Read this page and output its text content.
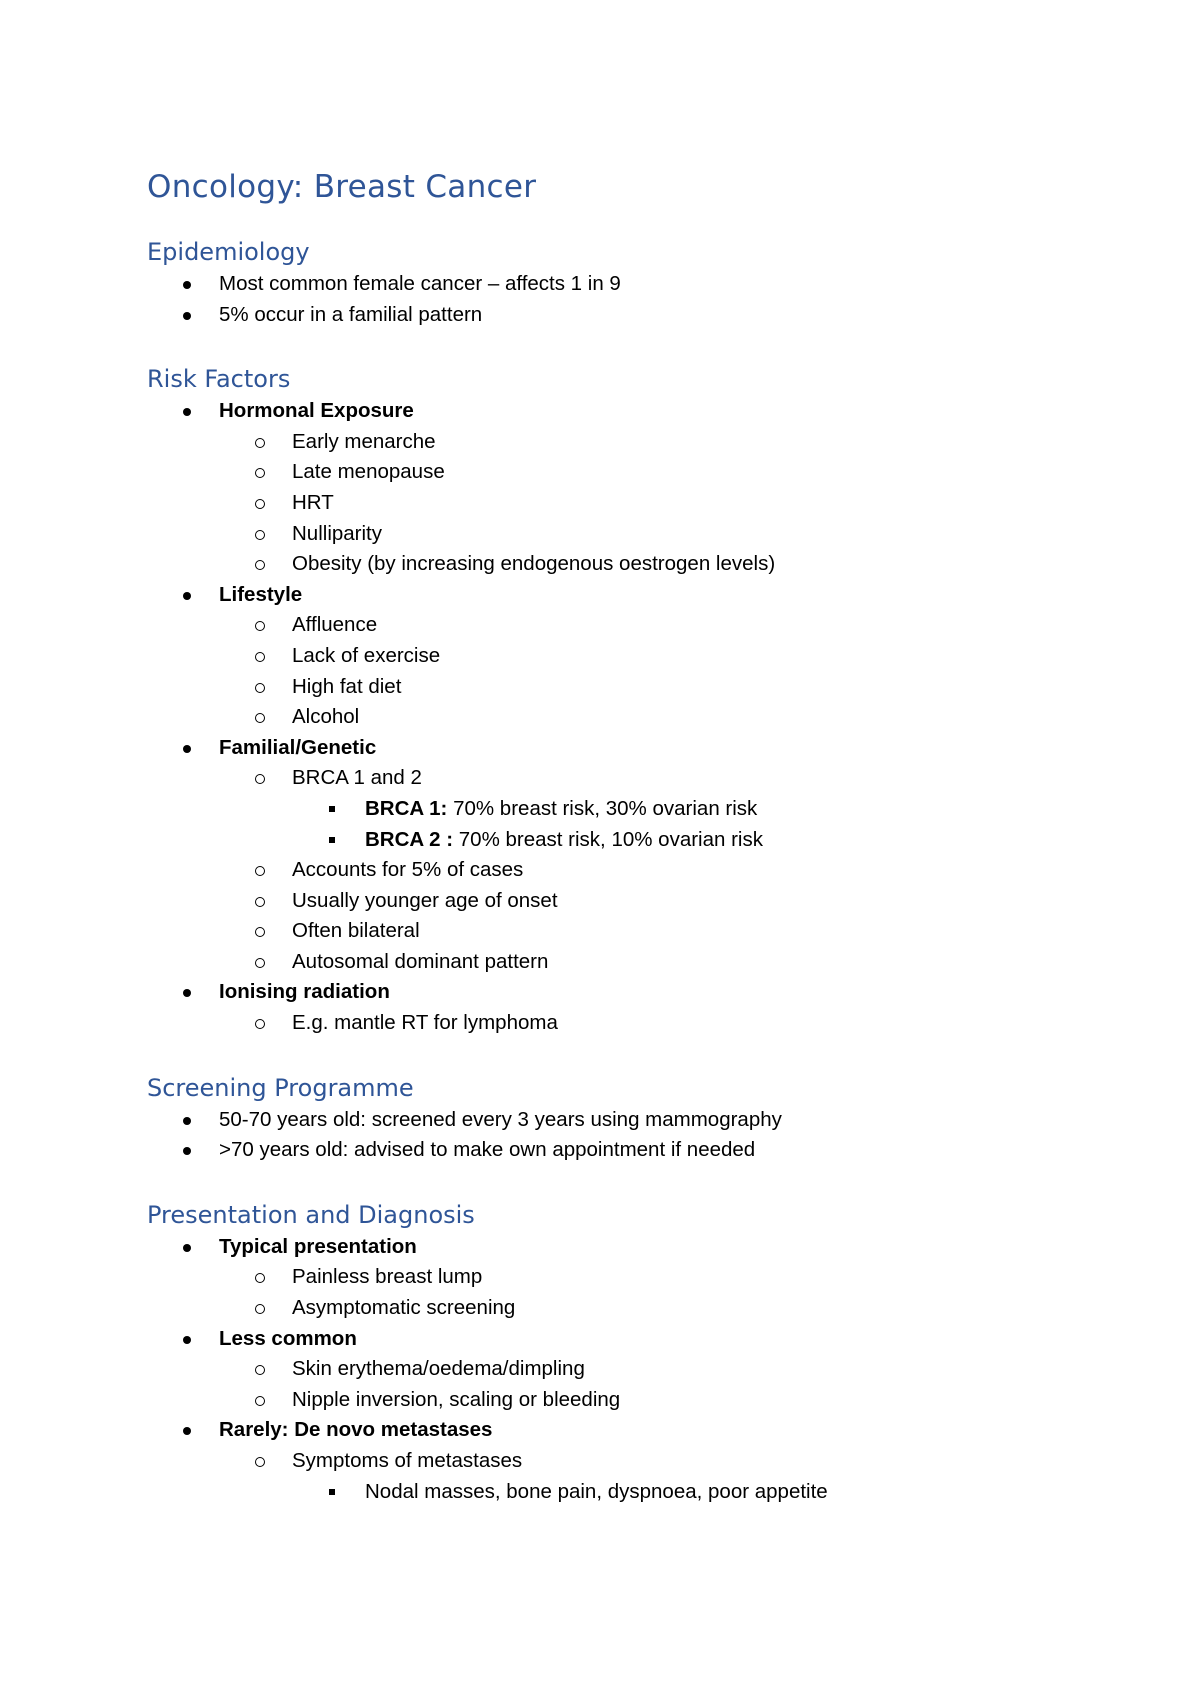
Oncology: Breast Cancer
Epidemiology
Most common female cancer – affects 1 in 9
5% occur in a familial pattern
Risk Factors
Hormonal Exposure
Early menarche
Late menopause
HRT
Nulliparity
Obesity (by increasing endogenous oestrogen levels)
Lifestyle
Affluence
Lack of exercise
High fat diet
Alcohol
Familial/Genetic
BRCA 1 and 2
BRCA 1: 70% breast risk, 30% ovarian risk
BRCA 2 : 70% breast risk, 10% ovarian risk
Accounts for 5% of cases
Usually younger age of onset
Often bilateral
Autosomal dominant pattern
Ionising radiation
E.g. mantle RT for lymphoma
Screening Programme
50-70 years old: screened every 3 years using mammography
>70 years old: advised to make own appointment if needed
Presentation and Diagnosis
Typical presentation
Painless breast lump
Asymptomatic screening
Less common
Skin erythema/oedema/dimpling
Nipple inversion, scaling or bleeding
Rarely: De novo metastases
Symptoms of metastases
Nodal masses, bone pain, dyspnoea, poor appetite
